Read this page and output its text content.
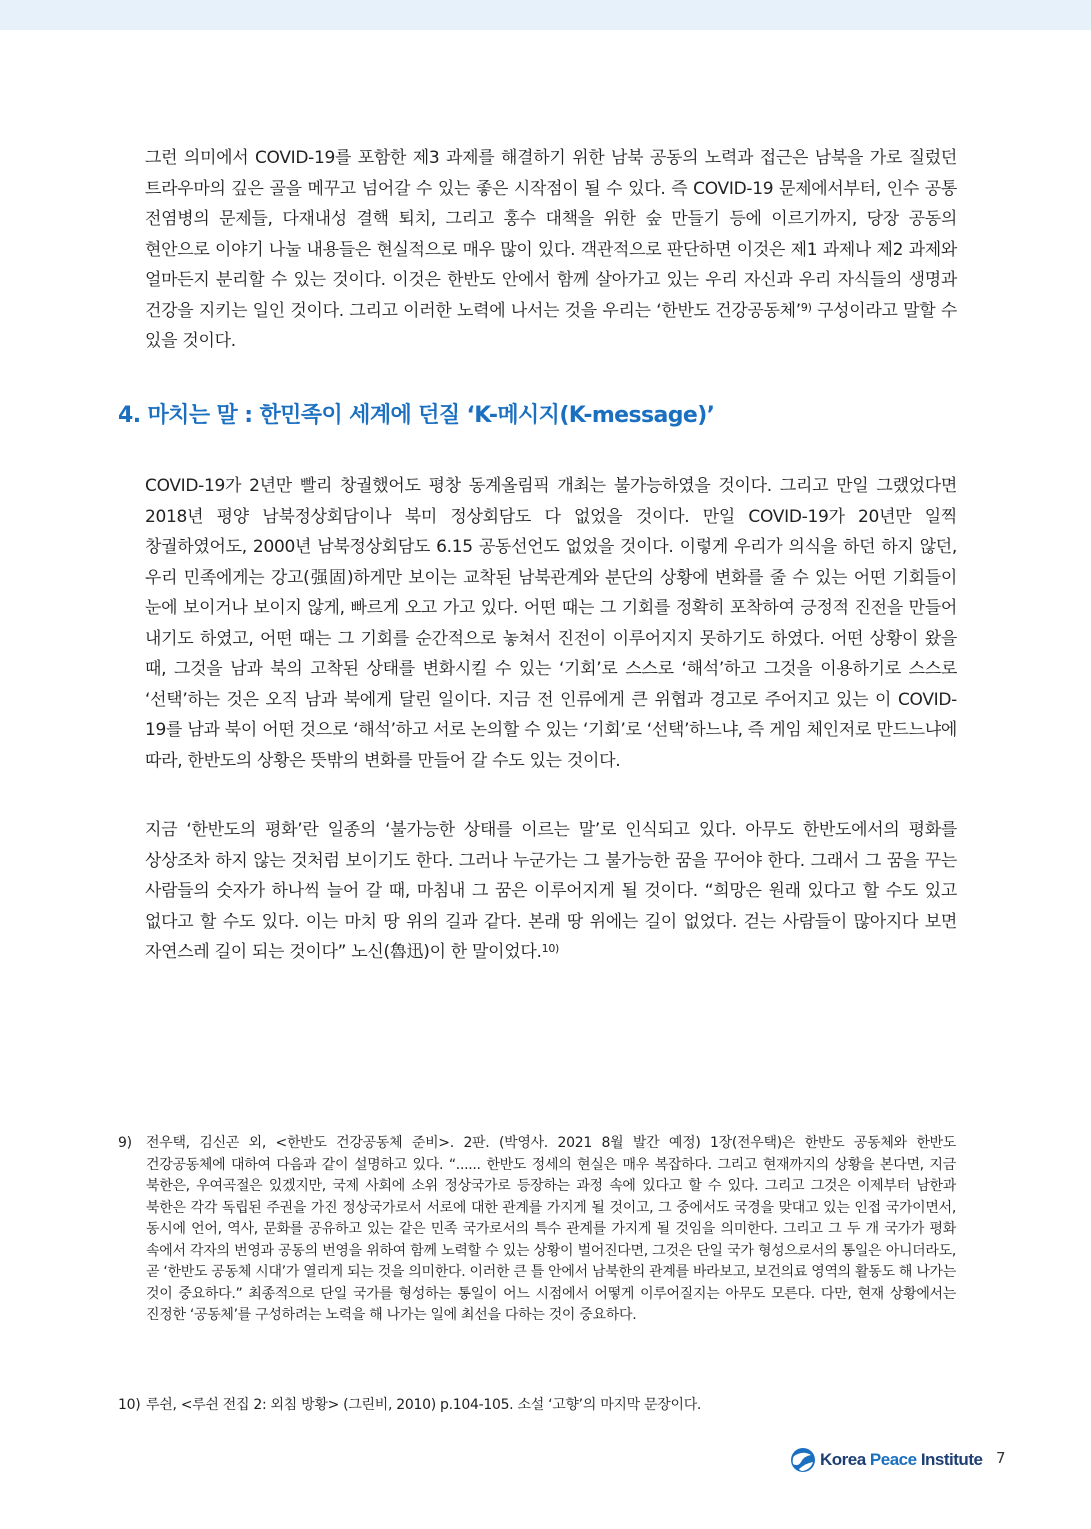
그런 의미에서 COVID-19를 포함한 제3 과제를 해결하기 위한 남북 공동의 노력과 접근은 남북을 가로 질렀던 트라우마의 깊은 골을 메꾸고 넘어갈 수 있는 좋은 시작점이 될 수 있다. 즉 COVID-19 문제에서부터, 인수 공통 전염병의 문제들, 다재내성 결핵 퇴치, 그리고 홍수 대책을 위한 숲 만들기 등에 이르기까지, 당장 공동의 현안으로 이야기 나눌 내용들은 현실적으로 매우 많이 있다. 객관적으로 판단하면 이것은 제1 과제나 제2 과제와 얼마든지 분리할 수 있는 것이다. 이것은 한반도 안에서 함께 살아가고 있는 우리 자신과 우리 자식들의 생명과 건강을 지키는 일인 것이다. 그리고 이러한 노력에 나서는 것을 우리는 ‘한반도 건강공동체’$^{9)}$ 구성이라고 말할 수 있을 것이다.

4. 마치는 말 : 한민족이 세계에 던질 ‘K-메시지(K-message)’

COVID-19가 2년만 빨리 창궐했어도 평창 동계올림픽 개최는 불가능하였을 것이다. 그리고 만일 그랬었다면 2018년 평양 남북정상회담이나 북미 정상회담도 다 없었을 것이다. 만일 COVID-19가 20년만 일찍 창궐하였어도, 2000년 남북정상회담도 6.15 공동선언도 없었을 것이다. 이렇게 우리가 의식을 하던 하지 않던, 우리 민족에게는 강고(强固)하게만 보이는 교착된 남북관계와 분단의 상황에 변화를 줄 수 있는 어떤 기회들이 눈에 보이거나 보이지 않게, 빠르게 오고 가고 있다. 어떤 때는 그 기회를 정확히 포착하여 긍정적 진전을 만들어 내기도 하였고, 어떤 때는 그 기회를 순간적으로 놓쳐서 진전이 이루어지지 못하기도 하였다. 어떤 상황이 왔을 때, 그것을 남과 북의 고착된 상태를 변화시킬 수 있는 ‘기회’로 스스로 ‘해석’하고 그것을 이용하기로 스스로 ‘선택’하는 것은 오직 남과 북에게 달린 일이다. 지금 전 인류에게 큰 위협과 경고로 주어지고 있는 이 COVID-19를 남과 북이 어떤 것으로 ‘해석’하고 서로 논의할 수 있는 ‘기회’로 ‘선택’하느냐, 즉 게임 체인저로 만드느냐에 따라, 한반도의 상황은 뜻밖의 변화를 만들어 갈 수도 있는 것이다.

지금 ‘한반도의 평화’란 일종의 ‘불가능한 상태를 이르는 말’로 인식되고 있다. 아무도 한반도에서의 평화를 상상조차 하지 않는 것처럼 보이기도 한다. 그러나 누군가는 그 불가능한 꿈을 꾸어야 한다. 그래서 그 꿈을 꾸는 사람들의 숫자가 하나씩 늘어 갈 때, 마침내 그 꿈은 이루어지게 될 것이다. “희망은 원래 있다고 할 수도 있고 없다고 할 수도 있다. 이는 마치 땅 위의 길과 같다. 본래 땅 위에는 길이 없었다. 걷는 사람들이 많아지다 보면 자연스레 길이 되는 것이다” 노신(魯迅)이 한 말이었다.$^{10)}$

9) 전우택, 김신곤 외, <한반도 건강공동체 준비>. 2판. (박영사. 2021 8월 발간 예정) 1장(전우택)은 한반도 공동체와 한반도 건강공동체에 대하여 다음과 같이 설명하고 있다. “...... 한반도 정세의 현실은 매우 복잡하다. 그리고 현재까지의 상황을 본다면, 지금 북한은, 우여곡절은 있겠지만, 국제 사회에 소위 정상국가로 등장하는 과정 속에 있다고 할 수 있다. 그리고 그것은 이제부터 남한과 북한은 각각 독립된 주권을 가진 정상국가로서 서로에 대한 관계를 가지게 될 것이고, 그 중에서도 국경을 맞대고 있는 인접 국가이면서, 동시에 언어, 역사, 문화를 공유하고 있는 같은 민족 국가로서의 특수 관계를 가지게 될 것임을 의미한다. 그리고 그 두 개 국가가 평화 속에서 각자의 번영과 공동의 번영을 위하여 함께 노력할 수 있는 상황이 벌어진다면, 그것은 단일 국가 형성으로서의 통일은 아니더라도, 곧 ‘한반도 공동체 시대’가 열리게 되는 것을 의미한다. 이러한 큰 틀 안에서 남북한의 관계를 바라보고, 보건의료 영역의 활동도 해 나가는 것이 중요하다.” 최종적으로 단일 국가를 형성하는 통일이 어느 시점에서 어떻게 이루어질지는 아무도 모른다. 다만, 현재 상황에서는 진정한 ‘공동체’를 구성하려는 노력을 해 나가는 일에 최선을 다하는 것이 중요하다.
10) 루쉰, <루쉰 전집 2: 외침 방황> (그린비, 2010) p.104-105. 소설 ‘고향’의 마지막 문장이다.
Korea Peace Institute 7
